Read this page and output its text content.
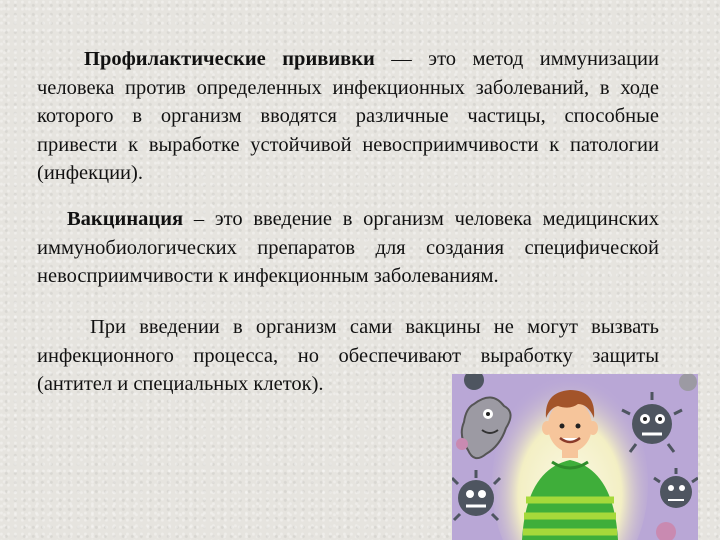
Профилактические прививки — это метод иммунизации человека против определенных инфекционных заболеваний, в ходе которого в организм вводятся различные частицы, способные привести к выработке устойчивой невосприимчивости к патологии (инфекции).

Вакцинация – это введение в организм человека медицинских иммунобиологических препаратов для создания специфической невосприимчивости к инфекционным заболеваниям.

При введении в организм сами вакцины не могут вызвать инфекционного процесса, но обеспечивают выработку защиты (антител и специальных клеток).
